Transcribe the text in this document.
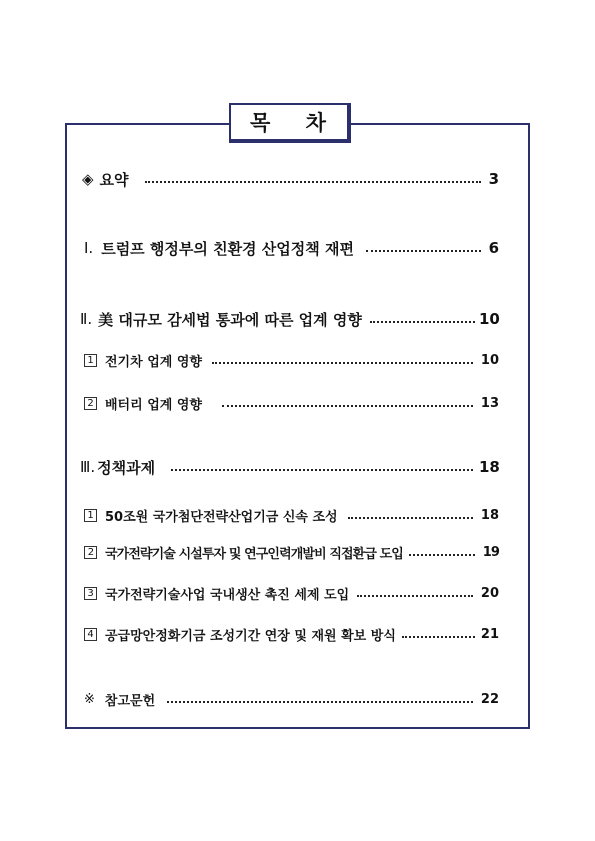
목 차
◈ 요약	3
Ⅰ. 트럼프 행정부의 친환경 산업정책 재편	6
Ⅱ. 美 대규모 감세법 통과에 따른 업계 영향	10
1 전기차 업계 영향	10
2 배터리 업계 영향	13
Ⅲ. 정책과제	18
1 50조원 국가첨단전략산업기금 신속 조성	18
2 국가전략기술 시설투자 및 연구인력개발비 직접환급 도입	19
3 국가전략기술사업 국내생산 촉진 세제 도입	20
4 공급망안정화기금 조성기간 연장 및 재원 확보 방식	21
※ 참고문헌	22
